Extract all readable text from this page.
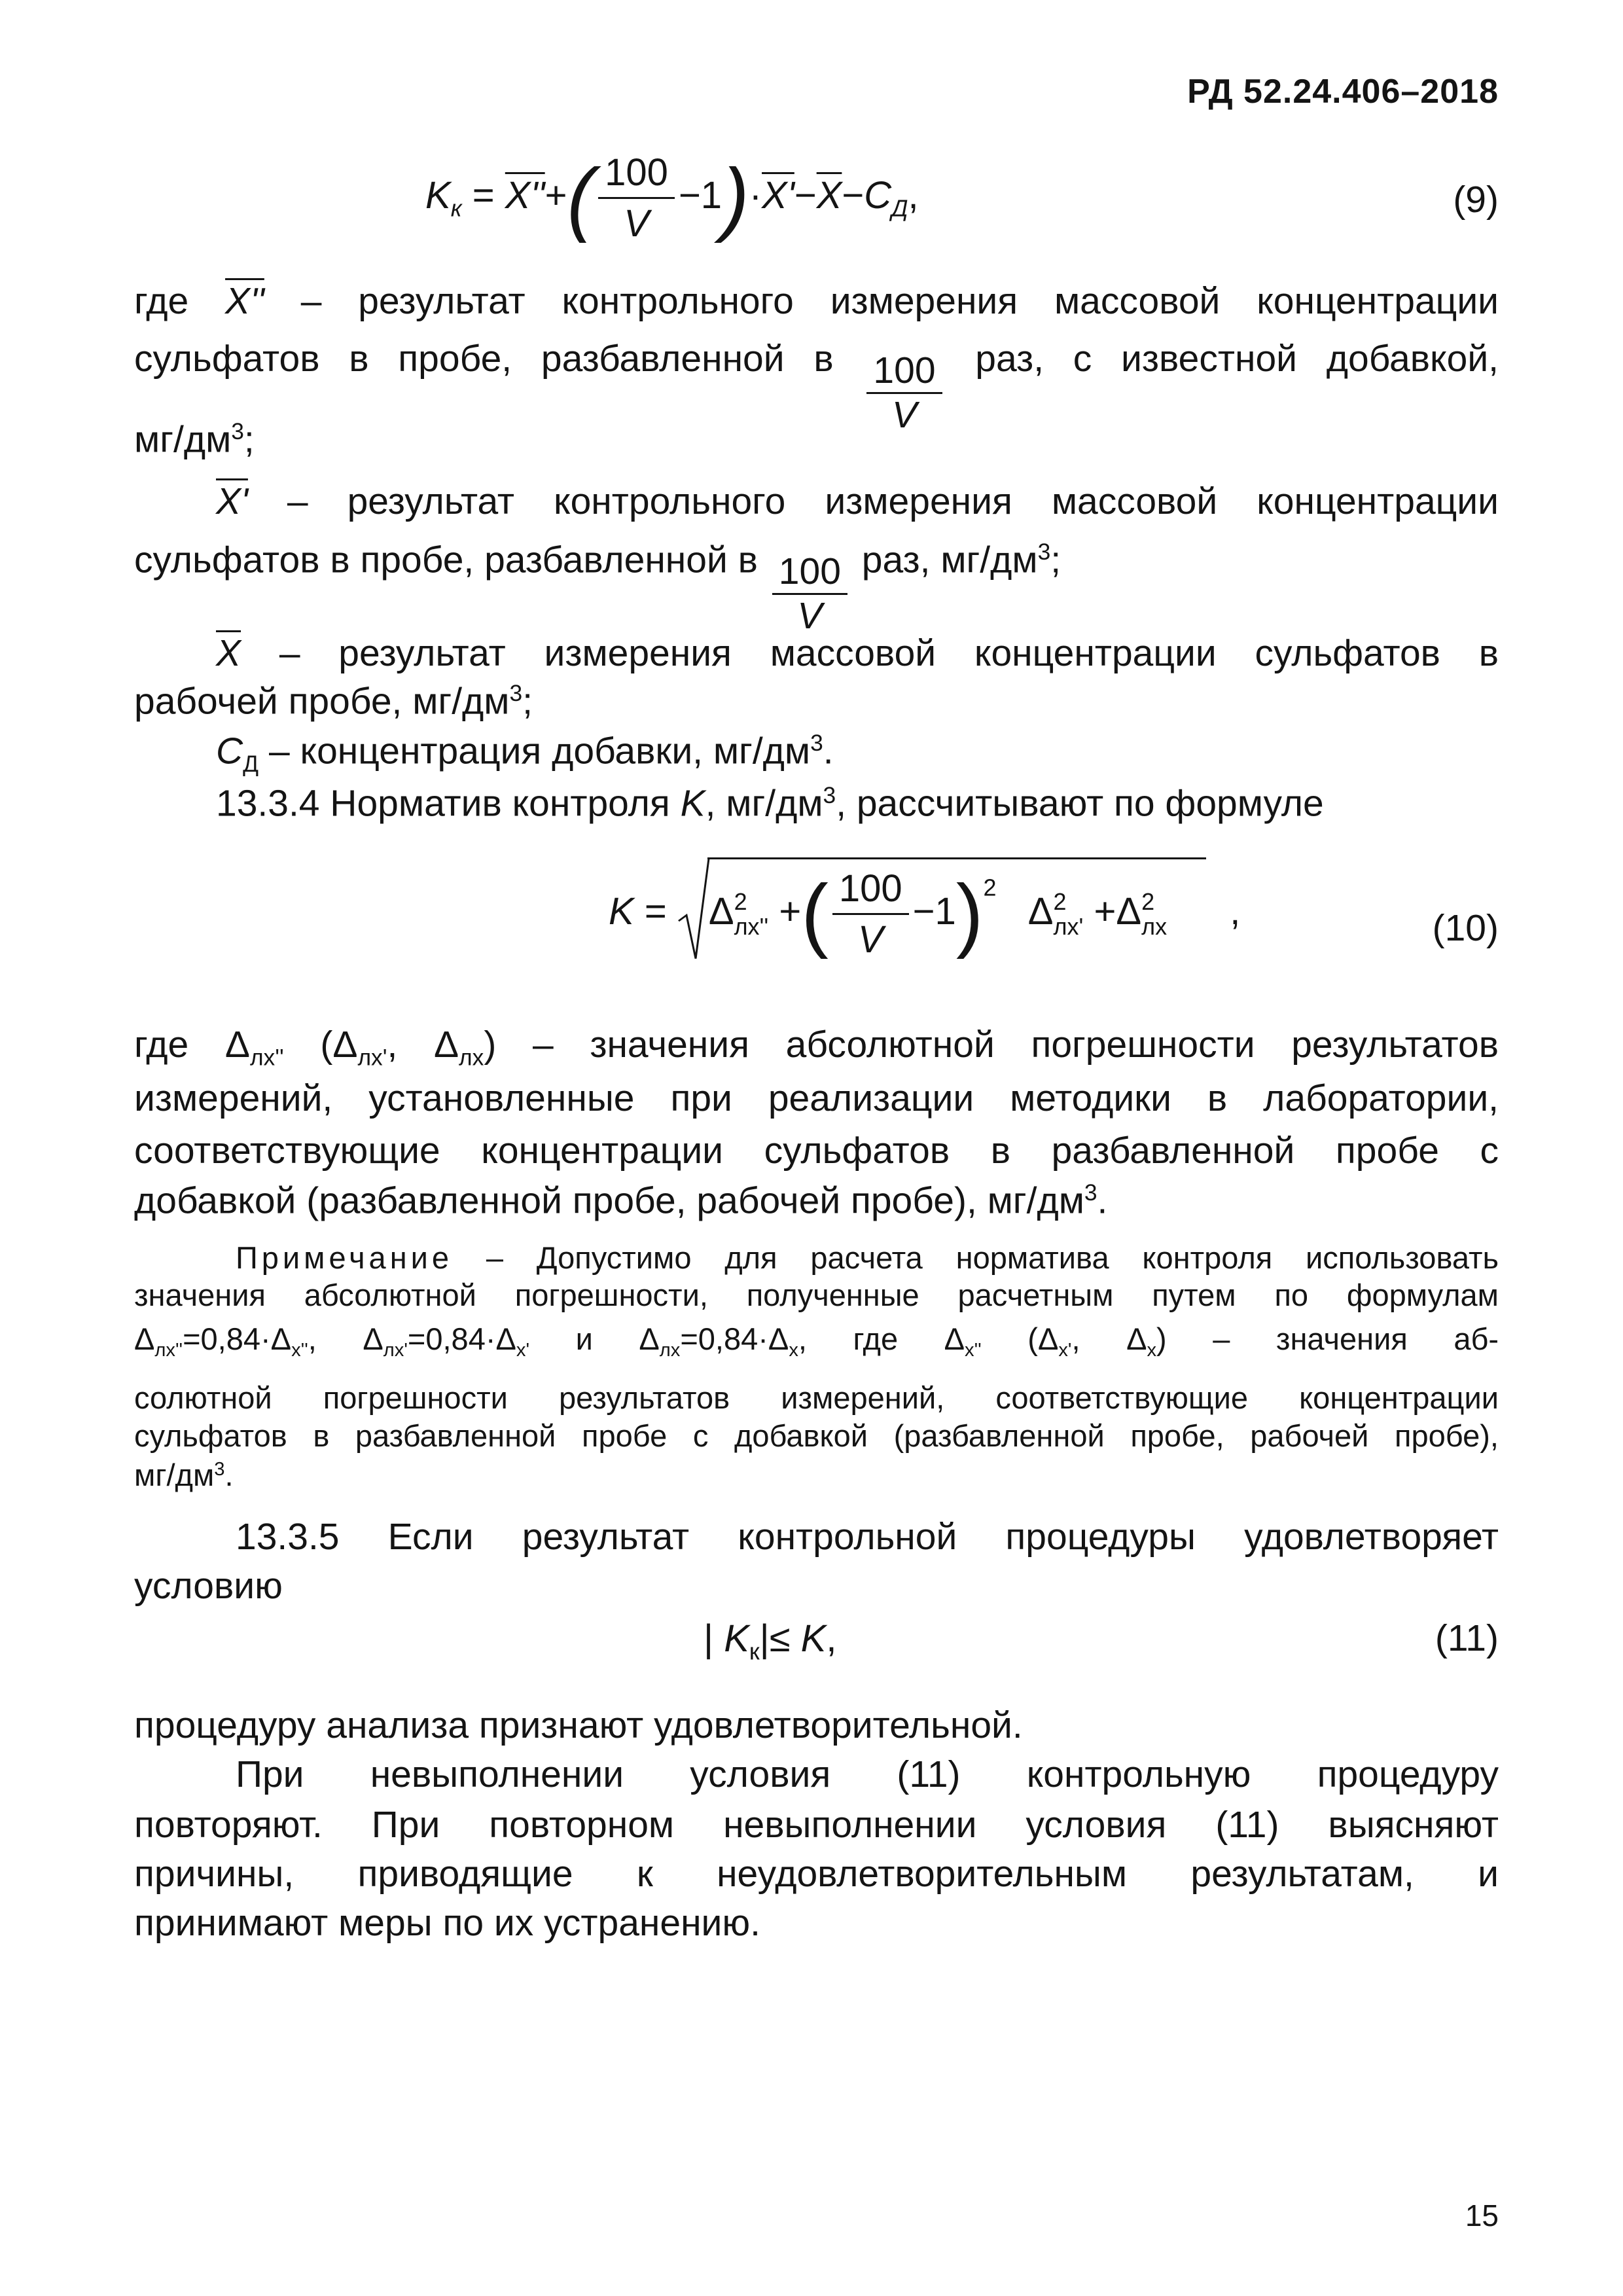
РД 52.24.406–2018
$K_к = X''+( \frac{100}{V} -1)\cdot X'-\overline{X}-C_Д$,	(9)
где X'' – результат контрольного измерения массовой концентрации
сульфатов в пробе, разбавленной в $\frac{100}{V}$ раз, с известной добавкой,
$мг/дм^3$;
X' – результат контрольного измерения массовой концентрации
сульфатов в пробе, разбавленной в $\frac{100}{V}$ раз, $мг/дм^3$;
$\overline{X}$ – результат измерения массовой концентрации сульфатов в
рабочей пробе, $мг/дм^3$;
$C_Д$ – концентрация добавки, $мг/дм^3$.
13.3.4 Норматив контроля K, $мг/дм^3$, рассчитывают по формуле
K = Δ 2
лх'' +( $\frac{100}{V} -1)^2$   Δ 2
лх' +Δ 2
лх ,	(10)
где $\Delta_{лх''}$ ($\Delta_{лх'}$, $\Delta_{лх}$) – значения абсолютной погрешности результатов
измерений, установленные при реализации методики в лаборатории,
соответствующие концентрации сульфатов в разбавленной пробе с
добавкой (разбавленной пробе, рабочей пробе), $мг/дм^3$.
Примечание – Допустимо для расчета норматива контроля использовать
значения абсолютной погрешности, полученные расчетным путем по формулам
$\Delta_{лх''}=0,84\cdot\Delta_{х''}$, $\Delta_{лх'}=0,84\cdot\Delta_{х'}$ и $\Delta_{лх}=0,84\cdot\Delta_х$, где $\Delta_{х''}$ ($\Delta_{х'}$, $\Delta_х$) – значения аб-
солютной погрешности результатов измерений, соответствующие концентрации
сульфатов в разбавленной пробе с добавкой (разбавленной пробе, рабочей пробе),
$мг/дм^3$.
13.3.5 Если результат контрольной процедуры удовлетворяет
условию
| $K_к|\le K$,	(11)
процедуру анализа признают удовлетворительной.
При невыполнении условия (11) контрольную процедуру
повторяют. При повторном невыполнении условия (11) выясняют
причины, приводящие к неудовлетворительным результатам, и
принимают меры по их устранению.
15
